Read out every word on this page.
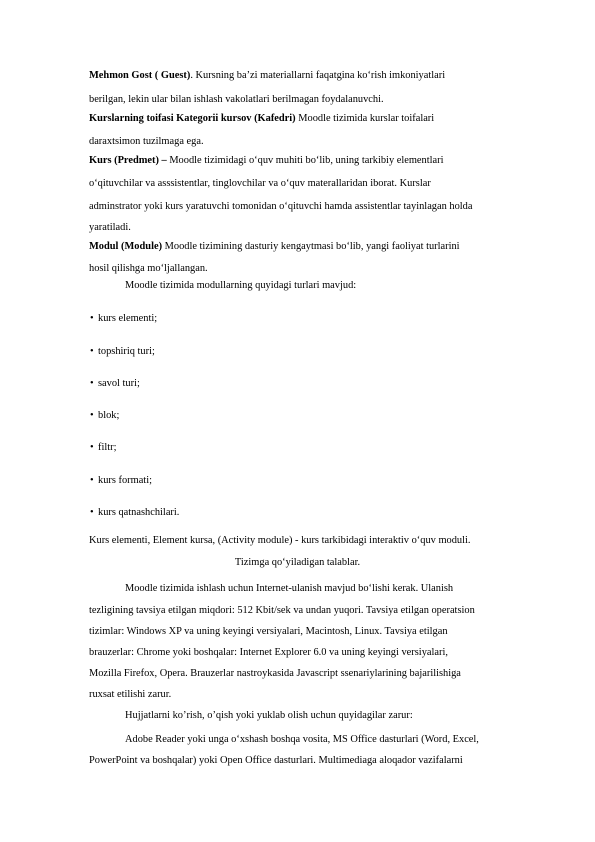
Mehmon Gost ( Guest). Kursning ba’zi materiallarni faqatgina ko‘rish imkoniyatlari
berilgan, lekin ular bilan ishlash vakolatlari berilmagan foydalanuvchi.
Kurslarning toifasi Kategorii kursov (Kafedri) Moodle tizimida kurslar toifalari
daraxtsimon tuzilmaga ega.
Kurs (Predmet) – Moodle tizimidagi o‘quv muhiti bo‘lib, uning tarkibiy elementlari
o‘qituvchilar va asssistentlar, tinglovchilar va o‘quv materallaridan iborat. Kurslar
adminstrator yoki kurs yaratuvchi tomonidan o‘qituvchi hamda assistentlar tayinlagan holda
yaratiladi.
Modul (Module) Moodle tizimining dasturiy kengaytmasi bo‘lib, yangi faoliyat turlarini
hosil qilishga mo‘ljallangan.
Moodle tizimida modullarning quyidagi turlari mavjud:
• kurs elementi;
• topshiriq turi;
• savol turi;
• blok;
• filtr;
• kurs formati;
• kurs qatnashchilari.
Kurs elementi, Element kursa, (Activity module) - kurs tarkibidagi interaktiv o‘quv moduli.
Tizimga qo‘yiladigan talablar.
Moodle tizimida ishlash uchun Internet-ulanish mavjud bo‘lishi kerak. Ulanish
tezligining tavsiya etilgan miqdori: 512 Kbit/sek va undan yuqori. Tavsiya etilgan operatsion
tizimlar: Windows XP va uning keyingi versiyalari, Macintosh, Linux. Tavsiya etilgan
brauzerlar: Chrome yoki boshqalar: Internet Explorer 6.0 va uning keyingi versiyalari,
Mozilla Firefox, Opera. Brauzerlar nastroykasida Javascript ssenariylarining bajarilishiga
ruxsat etilishi zarur.
Hujjatlarni ko’rish, o’qish yoki yuklab olish uchun quyidagilar zarur:
Adobe Reader yoki unga o‘xshash boshqa vosita, MS Office dasturlari (Word, Excel,
PowerPoint va boshqalar) yoki Open Office dasturlari. Multimediaga aloqador vazifalarni
